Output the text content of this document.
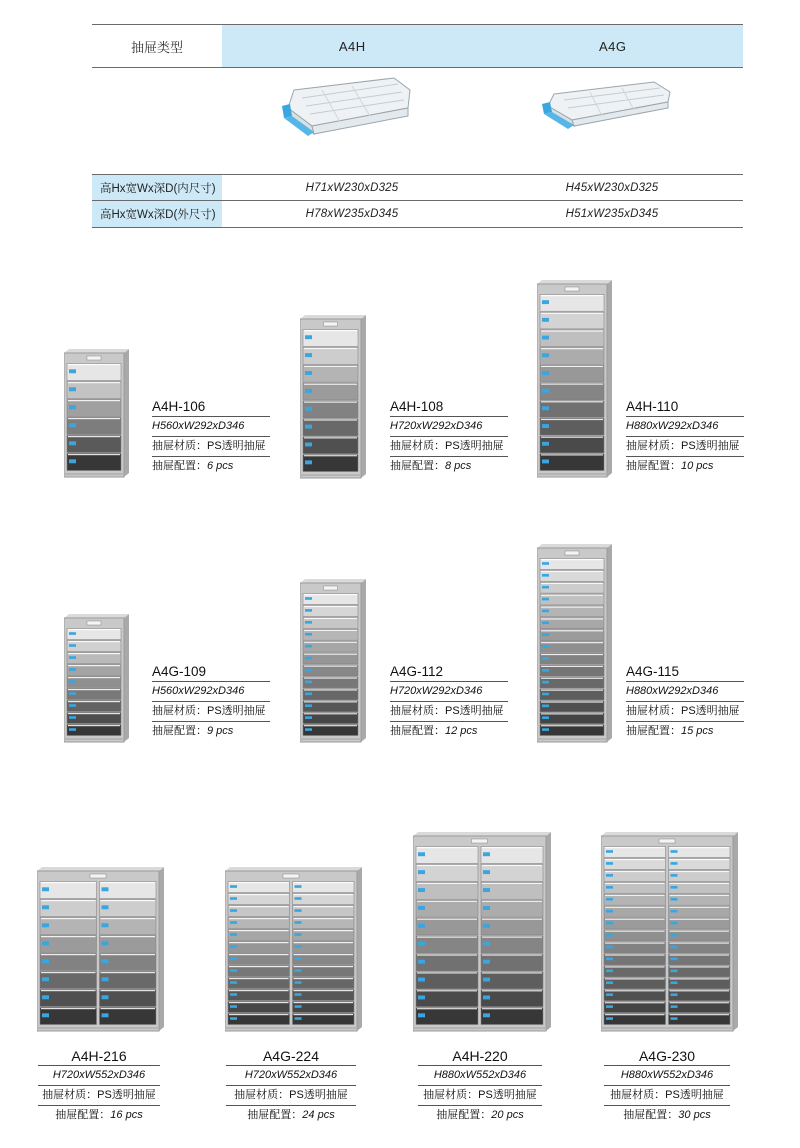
抽屉类型	A4H	A4G
高Hx宽Wx深D(内尺寸)	H71xW230xD325	H45xW230xD325
高Hx宽Wx深D(外尺寸)	H78xW235xD345	H51xW235xD345
A4H-106
H560xW292xD346
抽屉材质：PS透明抽屉
抽屉配置：6 pcs
A4H-108
H720xW292xD346
抽屉材质：PS透明抽屉
抽屉配置：8 pcs
A4H-110
H880xW292xD346
抽屉材质：PS透明抽屉
抽屉配置：10 pcs
A4G-109
H560xW292xD346
抽屉材质：PS透明抽屉
抽屉配置：9 pcs
A4G-112
H720xW292xD346
抽屉材质：PS透明抽屉
抽屉配置：12 pcs
A4G-115
H880xW292xD346
抽屉材质：PS透明抽屉
抽屉配置：15 pcs
A4H-216
H720xW552xD346
抽屉材质：PS透明抽屉
抽屉配置：16 pcs
A4G-224
H720xW552xD346
抽屉材质：PS透明抽屉
抽屉配置：24 pcs
A4H-220
H880xW552xD346
抽屉材质：PS透明抽屉
抽屉配置：20 pcs
A4G-230
H880xW552xD346
抽屉材质：PS透明抽屉
抽屉配置：30 pcs
